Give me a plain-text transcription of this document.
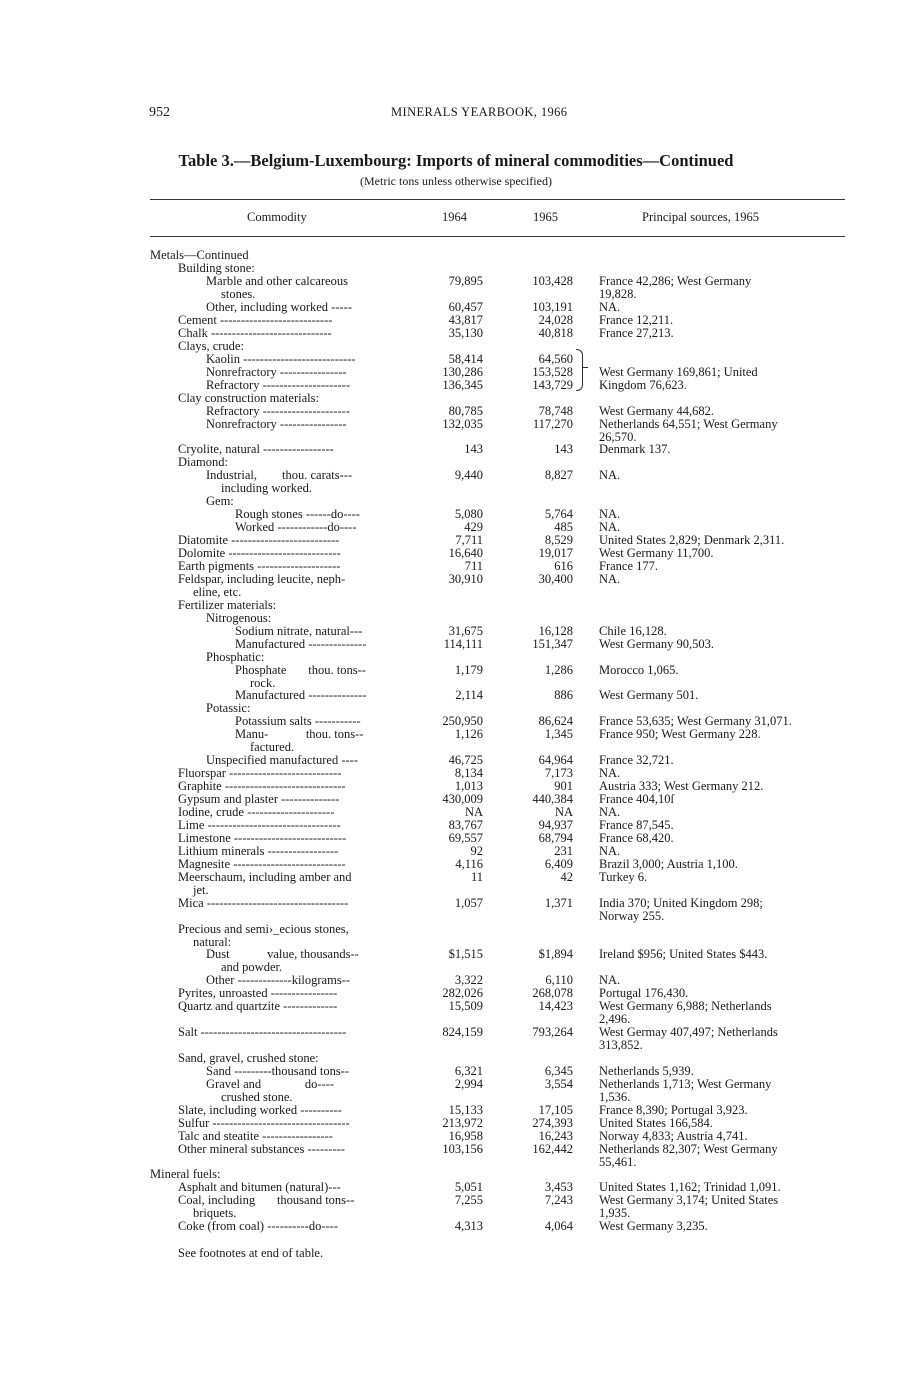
952	MINERALS YEARBOOK, 1966
Table 3.—Belgium-Luxembourg: Imports of mineral commodities—Continued
(Metric tons unless otherwise specified)
Commodity	1964	1965	Principal sources, 1965
Metals—Continued
Building stone:
Marble and other calcareous	79,895	103,428 France 42,286; West Germany
stones.	19,828.
Other, including worked -----	60,457	103,191 NA.
Cement ---------------------------	43,817	24,028 France 12,211.
Chalk -----------------------------	35,130	40,818 France 27,213.
Clays, crude:
Kaolin ---------------------------	58,414	64,560
Nonrefractory ----------------	130,286	153,528 West Germany 169,861; United
Refractory ---------------------	136,345	143,729 Kingdom 76,623.
Clay construction materials:
Refractory ---------------------	80,785	78,748 West Germany 44,682.
Nonrefractory ----------------	132,035	117,270 Netherlands 64,551; West Germany
26,570.
Cryolite, natural -----------------	143	143 Denmark 137.
Diamond:
Industrial,        thou. carats---	9,440	8,827 NA.
including worked.
Gem:
Rough stones ------do----	5,080	5,764 NA.
Worked ------------do----	429	485 NA.
Diatomite --------------------------	7,711	8,529 United States 2,829; Denmark 2,311.
Dolomite ---------------------------	16,640	19,017 West Germany 11,700.
Earth pigments --------------------	711	616 France 177.
Feldspar, including leucite, neph-	30,910	30,400 NA.
eline, etc.
Fertilizer materials:
Nitrogenous:
Sodium nitrate, natural---	31,675	16,128 Chile 16,128.
Manufactured --------------	114,111	151,347 West Germany 90,503.
Phosphatic:
Phosphate       thou. tons--	1,179	1,286 Morocco 1,065.
rock.
Manufactured --------------	2,114	886 West Germany 501.
Potassic:
Potassium salts -----------	250,950	86,624 France 53,635; West Germany 31,071.
Manu-            thou. tons--	1,126	1,345 France 950; West Germany 228.
factured.
Unspecified manufactured ----	46,725	64,964 France 32,721.
Fluorspar ---------------------------	8,134	7,173 NA.
Graphite -----------------------------	1,013	901 Austria 333; West Germany 212.
Gypsum and plaster --------------	430,009	440,384 France 404,10ſ
Iodine, crude ---------------------	NA	NA NA.
Lime --------------------------------	83,767	94,937 France 87,545.
Limestone ---------------------------	69,557	68,794 France 68,420.
Lithium minerals -----------------	92	231 NA.
Magnesite ---------------------------	4,116	6,409 Brazil 3,000; Austria 1,100.
Meerschaum, including amber and	11	42 Turkey 6.
jet.
Mica ----------------------------------	1,057	1,371 India 370; United Kingdom 298;
Norway 255.
Precious and semi›_ecious stones,
natural:
Dust            value, thousands--	$1,515	$1,894 Ireland $956; United States $443.
and powder.
Other -------------kilograms--	3,322	6,110 NA.
Pyrites, unroasted ----------------	282,026	268,078 Portugal 176,430.
Quartz and quartzite -------------	15,509	14,423 West Germany 6,988; Netherlands
2,496.
Salt -----------------------------------	824,159	793,264 West Germay 407,497; Netherlands
313,852.
Sand, gravel, crushed stone:
Sand ---------thousand tons--	6,321	6,345 Netherlands 5,939.
Gravel and              do----	2,994	3,554 Netherlands 1,713; West Germany
crushed stone.	1,536.
Slate, including worked ----------	15,133	17,105 France 8,390; Portugal 3,923.
Sulfur ---------------------------------	213,972	274,393 United States 166,584.
Talc and steatite -----------------	16,958	16,243 Norway 4,833; Austria 4,741.
Other mineral substances ---------	103,156	162,442 Netherlands 82,307; West Germany
55,461.
Mineral fuels:
Asphalt and bitumen (natural)---	5,051	3,453 United States 1,162; Trinidad 1,091.
Coal, including       thousand tons--	7,255	7,243 West Germany 3,174; United States
briquets.	1,935.
Coke (from coal) ----------do----	4,313	4,064 West Germany 3,235.
See footnotes at end of table.
